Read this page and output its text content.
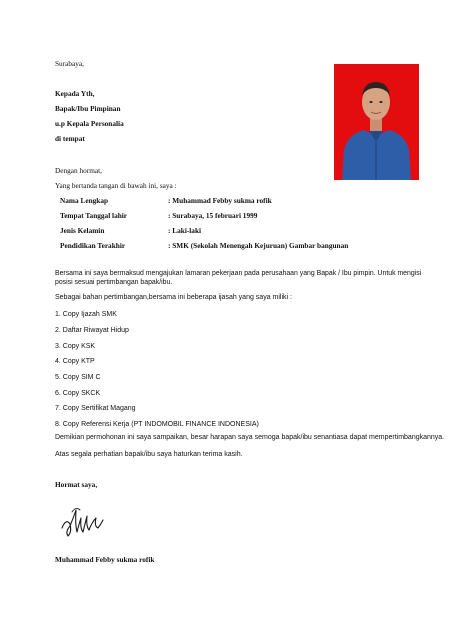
Surabaya,
Kepada Yth,
Bapak/Ibu Pimpinan
u.p Kepala Personalia
di tempat
Dengan hormat,
Yang bertanda tangan di bawah ini, saya :
Nama Lengkap	: Muhammad Febby sukma rofik
Tempat Tanggal lahir	: Surabaya, 15 februari 1999
Jenis Kelamin	: Laki-laki
Pendidikan Terakhir	: SMK (Sekolah Menengah Kejuruan) Gambar bangunan
Bersama ini saya bermaksud mengajukan lamaran pekerjaan pada perusahaan yang Bapak / Ibu pimpin. Untuk mengisi posisi sesuai pertimbangan bapak/ibu.
Sebagai bahan pertimbangan,bersama ini beberapa ijasah yang saya miliki :
1. Copy Ijazah SMK
2. Daftar Riwayat Hidup
3. Copy KSK
4. Copy KTP
5. Copy SIM C
6. Copy SKCK
7. Copy Sertifikat Magang
8. Copy Referensi Kerja (PT INDOMOBIL FINANCE INDONESIA)
Demikian permohonan ini saya sampaikan, besar harapan saya semoga bapak/ibu senantiasa dapat mempertimbangkannya.
Atas segala perhatian bapak/ibu saya haturkan terima kasih.
Hormat saya,
Muhammad Febby sukma rofik
